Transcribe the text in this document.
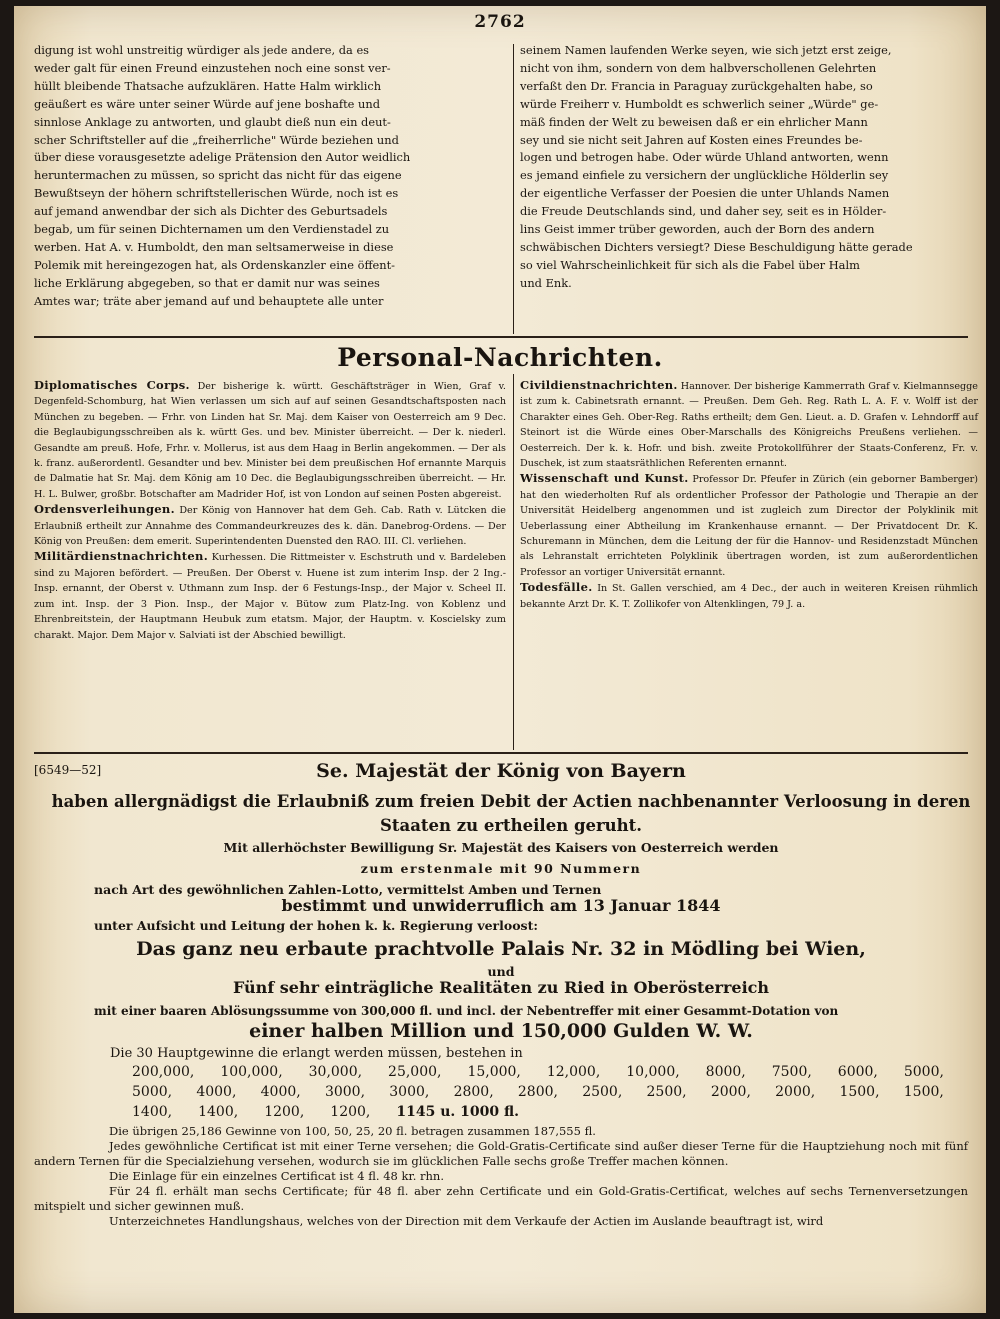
2762

digung ist wohl unstreitig würdiger als jede andere, da es

weder galt für einen Freund einzustehen noch eine sonst ver-

hüllt bleibende Thatsache aufzuklären. Hatte Halm wirklich

geäußert es wäre unter seiner Würde auf jene boshafte und

sinnlose Anklage zu antworten, und glaubt dieß nun ein deut-

scher Schriftsteller auf die „freiherrliche" Würde beziehen und

über diese vorausgesetzte adelige Prätension den Autor weidlich

heruntermachen zu müssen, so spricht das nicht für das eigene

Bewußtseyn der höhern schriftstellerischen Würde, noch ist es

auf jemand anwendbar der sich als Dichter des Geburtsadels

begab, um für seinen Dichternamen um den Verdienstadel zu

werben. Hat A. v. Humboldt, den man seltsamerweise in diese

Polemik mit hereingezogen hat, als Ordenskanzler eine öffent-

liche Erklärung abgegeben, so that er damit nur was seines

Amtes war; träte aber jemand auf und behauptete alle unter

seinem Namen laufenden Werke seyen, wie sich jetzt erst zeige,

nicht von ihm, sondern von dem halbverschollenen Gelehrten

verfaßt den Dr. Francia in Paraguay zurückgehalten habe, so

würde Freiherr v. Humboldt es schwerlich seiner „Würde" ge-

mäß finden der Welt zu beweisen daß er ein ehrlicher Mann

sey und sie nicht seit Jahren auf Kosten eines Freundes be-

logen und betrogen habe. Oder würde Uhland antworten, wenn

es jemand einfiele zu versichern der unglückliche Hölderlin sey

der eigentliche Verfasser der Poesien die unter Uhlands Namen

die Freude Deutschlands sind, und daher sey, seit es in Hölder-

lins Geist immer trüber geworden, auch der Born des andern

schwäbischen Dichters versiegt? Diese Beschuldigung hätte gerade

so viel Wahrscheinlichkeit für sich als die Fabel über Halm

und Enk.

Personal-Nachrichten.

Diplomatisches Corps. Der bisherige k. württ. Geschäftsträger in Wien, Graf v. Degenfeld-Schomburg, hat Wien verlassen um sich auf auf seinen Gesandtschaftsposten nach München zu begeben. — Frhr. von Linden hat Sr. Maj. dem Kaiser von Oesterreich am 9 Dec. die Beglaubigungsschreiben als k. württ Ges. und bev. Minister überreicht. — Der k. niederl. Gesandte am preuß. Hofe, Frhr. v. Mollerus, ist aus dem Haag in Berlin angekommen. — Der als k. franz. außerordentl. Gesandter und bev. Minister bei dem preußischen Hof ernannte Marquis de Dalmatie hat Sr. Maj. dem König am 10 Dec. die Beglaubigungsschreiben überreicht. — Hr. H. L. Bulwer, großbr. Botschafter am Madrider Hof, ist von London auf seinen Posten abgereist.

Ordensverleihungen. Der König von Hannover hat dem Geh. Cab. Rath v. Lütcken die Erlaubniß ertheilt zur Annahme des Commandeurkreuzes des k. dän. Danebrog-Ordens. — Der König von Preußen: dem emerit. Superintendenten Duensted den RAO. III. Cl. verliehen.

Militärdienstnachrichten. Kurhessen. Die Rittmeister v. Eschstruth und v. Bardeleben sind zu Majoren befördert. — Preußen. Der Oberst v. Huene ist zum interim Insp. der 2 Ing.-Insp. ernannt, der Oberst v. Uthmann zum Insp. der 6 Festungs-Insp., der Major v. Scheel II. zum int. Insp. der 3 Pion. Insp., der Major v. Bütow zum Platz-Ing. von Koblenz und Ehrenbreitstein, der Hauptmann Heubuk zum etatsm. Major, der Hauptm. v. Koscielsky zum charakt. Major. Dem Major v. Salviati ist der Abschied bewilligt.

Civildienstnachrichten. Hannover. Der bisherige Kammerrath Graf v. Kielmannsegge ist zum k. Cabinetsrath ernannt. — Preußen. Dem Geh. Reg. Rath L. A. F. v. Wolff ist der Charakter eines Geh. Ober-Reg. Raths ertheilt; dem Gen. Lieut. a. D. Grafen v. Lehndorff auf Steinort ist die Würde eines Ober-Marschalls des Königreichs Preußens verliehen. — Oesterreich. Der k. k. Hofr. und bish. zweite Protokollführer der Staats-Conferenz, Fr. v. Duschek, ist zum staatsräthlichen Referenten ernannt.

Wissenschaft und Kunst. Professor Dr. Pfeufer in Zürich (ein geborner Bamberger) hat den wiederholten Ruf als ordentlicher Professor der Pathologie und Therapie an der Universität Heidelberg angenommen und ist zugleich zum Director der Polyklinik mit Ueberlassung einer Abtheilung im Krankenhause ernannt. — Der Privatdocent Dr. K. Schuremann in München, dem die Leitung der für die Hannov- und Residenzstadt München als Lehranstalt errichteten Polyklinik übertragen worden, ist zum außerordentlichen Professor an vortiger Universität ernannt.

Todesfälle. In St. Gallen verschied, am 4 Dec., der auch in weiteren Kreisen rühmlich bekannte Arzt Dr. K. T. Zollikofer von Altenklingen, 79 J. a.

[6549—52]	Se. Majestät der König von Bayern
haben allergnädigst die Erlaubniß zum freien Debit der Actien nachbenannter Verloosung in deren Staaten zu ertheilen geruht.
Mit allerhöchster Bewilligung Sr. Majestät des Kaisers von Oesterreich werden
zum erstenmale mit 90 Nummern
nach Art des gewöhnlichen Zahlen-Lotto, vermittelst Amben und Ternen
bestimmt und unwiderruflich am 13 Januar 1844
unter Aufsicht und Leitung der hohen k. k. Regierung verloost:
Das ganz neu erbaute prachtvolle Palais Nr. 32 in Mödling bei Wien,
und
Fünf sehr einträgliche Realitäten zu Ried in Oberösterreich
mit einer baaren Ablösungssumme von 300,000 fl. und incl. der Nebentreffer mit einer Gesammt-Dotation von
einer halben Million und 150,000 Gulden W. W.
Die 30 Hauptgewinne die erlangt werden müssen, bestehen in
200,000, 100,000, 30,000, 25,000, 15,000, 12,000, 10,000, 8000, 7500, 6000, 5000,
5000, 4000, 4000, 3000, 3000, 2800, 2800, 2500, 2500, 2000, 2000, 1500, 1500,
1400, 1400, 1200, 1200, 1145 u. 1000 fl.

Die übrigen 25,186 Gewinne von 100, 50, 25, 20 fl. betragen zusammen 187,555 fl.

Jedes gewöhnliche Certificat ist mit einer Terne versehen; die Gold-Gratis-Certificate sind außer dieser Terne für die Hauptziehung noch mit fünf andern Ternen für die Specialziehung versehen, wodurch sie im glücklichen Falle sechs große Treffer machen können.

Die Einlage für ein einzelnes Certificat ist 4 fl. 48 kr. rhn.

Für 24 fl. erhält man sechs Certificate; für 48 fl. aber zehn Certificate und ein Gold-Gratis-Certificat, welches auf sechs Ternenversetzungen mitspielt und sicher gewinnen muß.

Unterzeichnetes Handlungshaus, welches von der Direction mit dem Verkaufe der Actien im Auslande beauftragt ist, wird
